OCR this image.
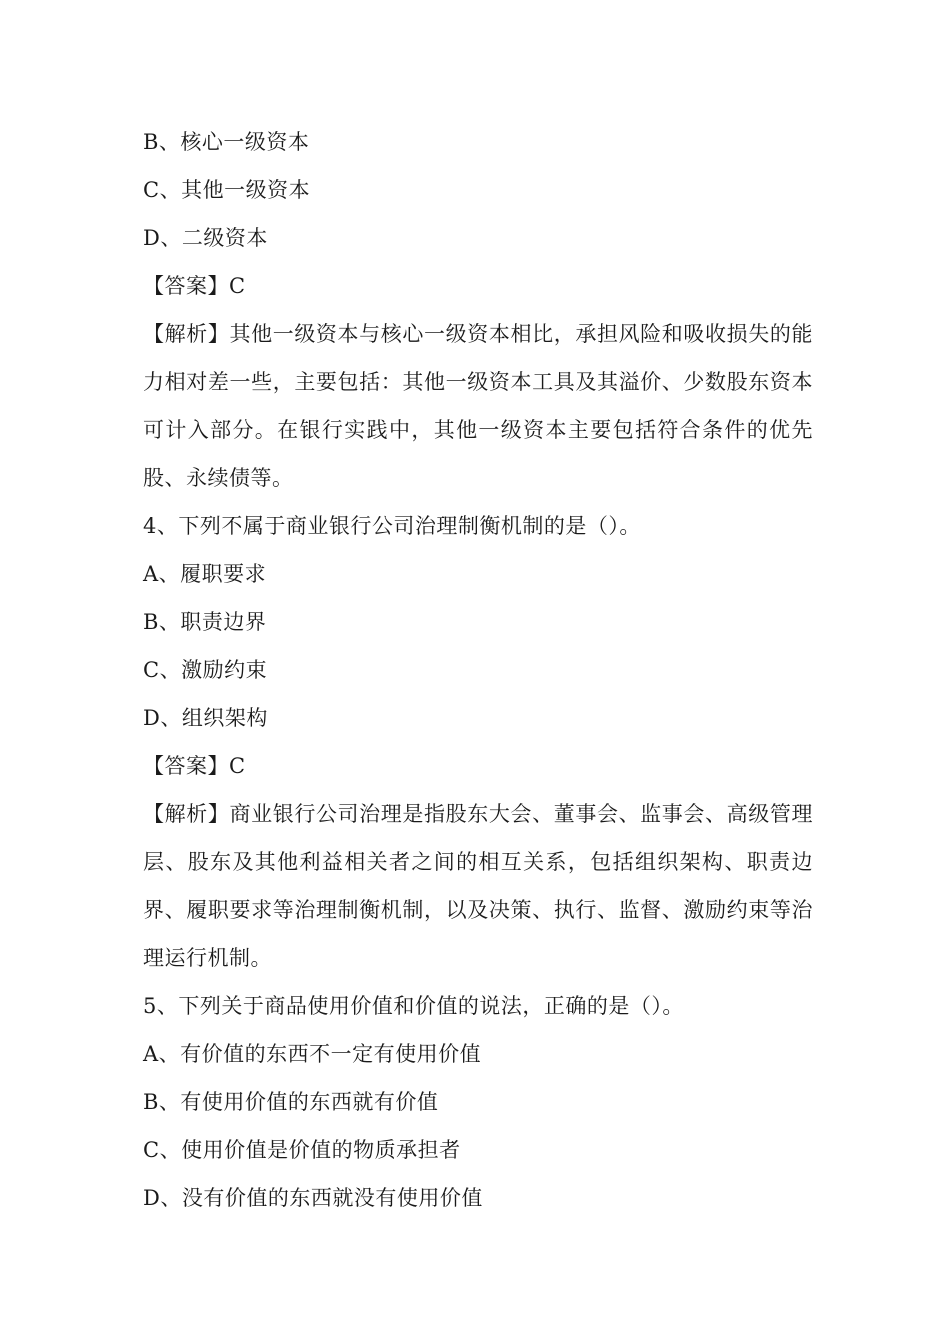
B、核心一级资本
C、其他一级资本
D、二级资本
【答案】C
【解析】其他一级资本与核心一级资本相比，承担风险和吸收损失的能力相对差一些，主要包括：其他一级资本工具及其溢价、少数股东资本可计入部分。在银行实践中，其他一级资本主要包括符合条件的优先股、永续债等。
4、下列不属于商业银行公司治理制衡机制的是（）。
A、履职要求
B、职责边界
C、激励约束
D、组织架构
【答案】C
【解析】商业银行公司治理是指股东大会、董事会、监事会、高级管理层、股东及其他利益相关者之间的相互关系，包括组织架构、职责边界、履职要求等治理制衡机制，以及决策、执行、监督、激励约束等治理运行机制。
5、下列关于商品使用价值和价值的说法，正确的是（）。
A、有价值的东西不一定有使用价值
B、有使用价值的东西就有价值
C、使用价值是价值的物质承担者
D、没有价值的东西就没有使用价值
